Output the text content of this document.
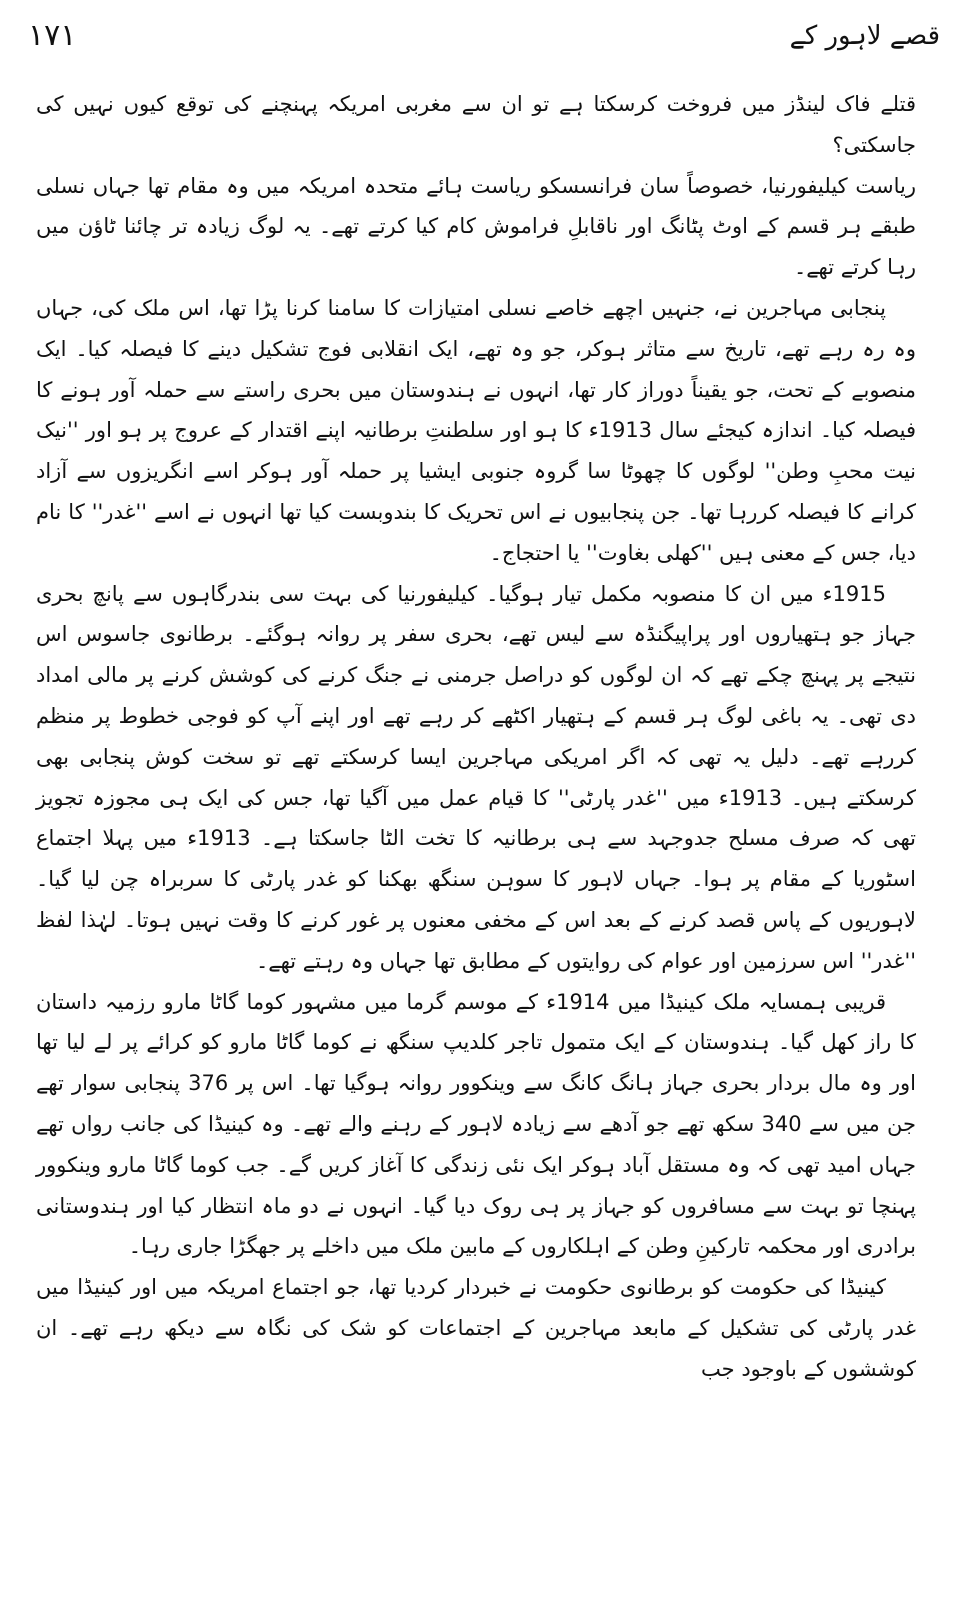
۱۷۱	قصے لاہور کے

قتلے فاک لینڈز میں فروخت کرسکتا ہے تو ان سے مغربی امریکہ پہنچنے کی توقع کیوں نہیں کی جاسکتی؟

ریاست کیلیفورنیا، خصوصاً سان فرانسسکو ریاست ہائے متحدہ امریکہ میں وہ مقام تھا جہاں نسلی طبقے ہر قسم کے اوٹ پٹانگ اور ناقابلِ فراموش کام کیا کرتے تھے۔ یہ لوگ زیادہ تر چائنا ٹاؤن میں رہا کرتے تھے۔

پنجابی مہاجرین نے، جنہیں اچھے خاصے نسلی امتیازات کا سامنا کرنا پڑا تھا، اس ملک کی، جہاں وہ رہ رہے تھے، تاریخ سے متاثر ہوکر، جو وہ تھے، ایک انقلابی فوج تشکیل دینے کا فیصلہ کیا۔ ایک منصوبے کے تحت، جو یقیناً دوراز کار تھا، انہوں نے ہندوستان میں بحری راستے سے حملہ آور ہونے کا فیصلہ کیا۔ اندازہ کیجئے سال 1913ء کا ہو اور سلطنتِ برطانیہ اپنے اقتدار کے عروج پر ہو اور ''نیک نیت محبِ وطن'' لوگوں کا چھوٹا سا گروہ جنوبی ایشیا پر حملہ آور ہوکر اسے انگریزوں سے آزاد کرانے کا فیصلہ کررہا تھا۔ جن پنجابیوں نے اس تحریک کا بندوبست کیا تھا انہوں نے اسے ''غدر'' کا نام دیا، جس کے معنی ہیں ''کھلی بغاوت'' یا احتجاج۔

1915ء میں ان کا منصوبہ مکمل تیار ہوگیا۔ کیلیفورنیا کی بہت سی بندرگاہوں سے پانچ بحری جہاز جو ہتھیاروں اور پراپیگنڈہ سے لیس تھے، بحری سفر پر روانہ ہوگئے۔ برطانوی جاسوس اس نتیجے پر پہنچ چکے تھے کہ ان لوگوں کو دراصل جرمنی نے جنگ کرنے کی کوشش کرنے پر مالی امداد دی تھی۔ یہ باغی لوگ ہر قسم کے ہتھیار اکٹھے کر رہے تھے اور اپنے آپ کو فوجی خطوط پر منظم کررہے تھے۔ دلیل یہ تھی کہ اگر امریکی مہاجرین ایسا کرسکتے تھے تو سخت کوش پنجابی بھی کرسکتے ہیں۔ 1913ء میں ''غدر پارٹی'' کا قیام عمل میں آگیا تھا، جس کی ایک ہی مجوزہ تجویز تھی کہ صرف مسلح جدوجہد سے ہی برطانیہ کا تخت الٹا جاسکتا ہے۔ 1913ء میں پہلا اجتماع اسٹوریا کے مقام پر ہوا۔ جہاں لاہور کا سوہن سنگھ بھکنا کو غدر پارٹی کا سربراہ چن لیا گیا۔ لاہوریوں کے پاس قصد کرنے کے بعد اس کے مخفی معنوں پر غور کرنے کا وقت نہیں ہوتا۔ لہٰذا لفظ ''غدر'' اس سرزمین اور عوام کی روایتوں کے مطابق تھا جہاں وہ رہتے تھے۔

قریبی ہمسایہ ملک کینیڈا میں 1914ء کے موسم گرما میں مشہور کوما گاٹا مارو رزمیہ داستان کا راز کھل گیا۔ ہندوستان کے ایک متمول تاجر کلدیپ سنگھ نے کوما گاٹا مارو کو کرائے پر لے لیا تھا اور وہ مال بردار بحری جہاز ہانگ کانگ سے وینکوور روانہ ہوگیا تھا۔ اس پر 376 پنجابی سوار تھے جن میں سے 340 سکھ تھے جو آدھے سے زیادہ لاہور کے رہنے والے تھے۔ وہ کینیڈا کی جانب رواں تھے جہاں امید تھی کہ وہ مستقل آباد ہوکر ایک نئی زندگی کا آغاز کریں گے۔ جب کوما گاٹا مارو وینکوور پہنچا تو بہت سے مسافروں کو جہاز پر ہی روک دیا گیا۔ انہوں نے دو ماہ انتظار کیا اور ہندوستانی برادری اور محکمہ تارکینِ وطن کے اہلکاروں کے مابین ملک میں داخلے پر جھگڑا جاری رہا۔

کینیڈا کی حکومت کو برطانوی حکومت نے خبردار کردیا تھا، جو اجتماع امریکہ میں اور کینیڈا میں غدر پارٹی کی تشکیل کے مابعد مہاجرین کے اجتماعات کو شک کی نگاہ سے دیکھ رہے تھے۔ ان کوششوں کے باوجود جب
